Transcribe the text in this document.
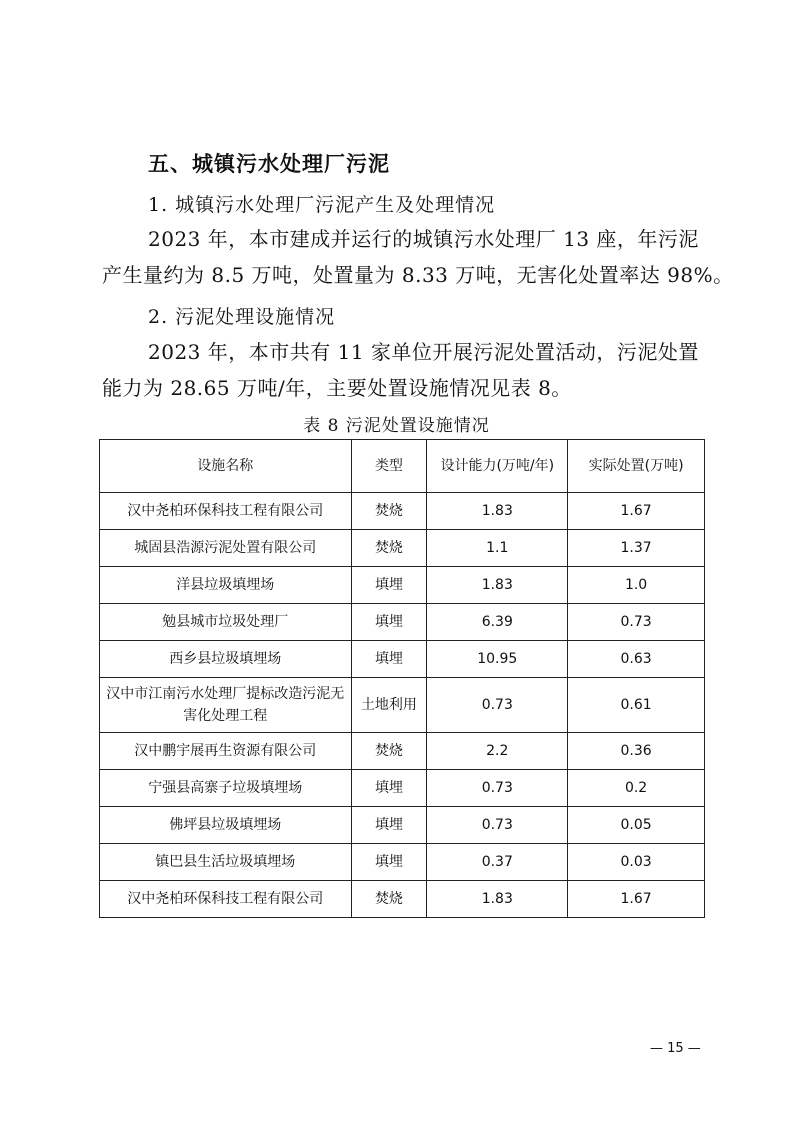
五、城镇污水处理厂污泥
1. 城镇污水处理厂污泥产生及处理情况
2023 年，本市建成并运行的城镇污水处理厂 13 座，年污泥
产生量约为 8.5 万吨，处置量为 8.33 万吨，无害化处置率达 98%。
2. 污泥处理设施情况
2023 年，本市共有 11 家单位开展污泥处置活动，污泥处置
能力为 28.65 万吨/年，主要处置设施情况见表 8。
表 8 污泥处置设施情况
设施名称	类型	设计能力(万吨/年)	实际处置(万吨)
汉中尧柏环保科技工程有限公司	焚烧	1.83	1.67
城固县浩源污泥处置有限公司	焚烧	1.1	1.37
洋县垃圾填埋场	填埋	1.83	1.0
勉县城市垃圾处理厂	填埋	6.39	0.73
西乡县垃圾填埋场	填埋	10.95	0.63
汉中市江南污水处理厂提标改造污泥无害化处理工程	土地利用	0.73	0.61
汉中鹏宇展再生资源有限公司	焚烧	2.2	0.36
宁强县高寨子垃圾填埋场	填埋	0.73	0.2
佛坪县垃圾填埋场	填埋	0.73	0.05
镇巴县生活垃圾填埋场	填埋	0.37	0.03
汉中尧柏环保科技工程有限公司	焚烧	1.83	1.67
— 15 —
